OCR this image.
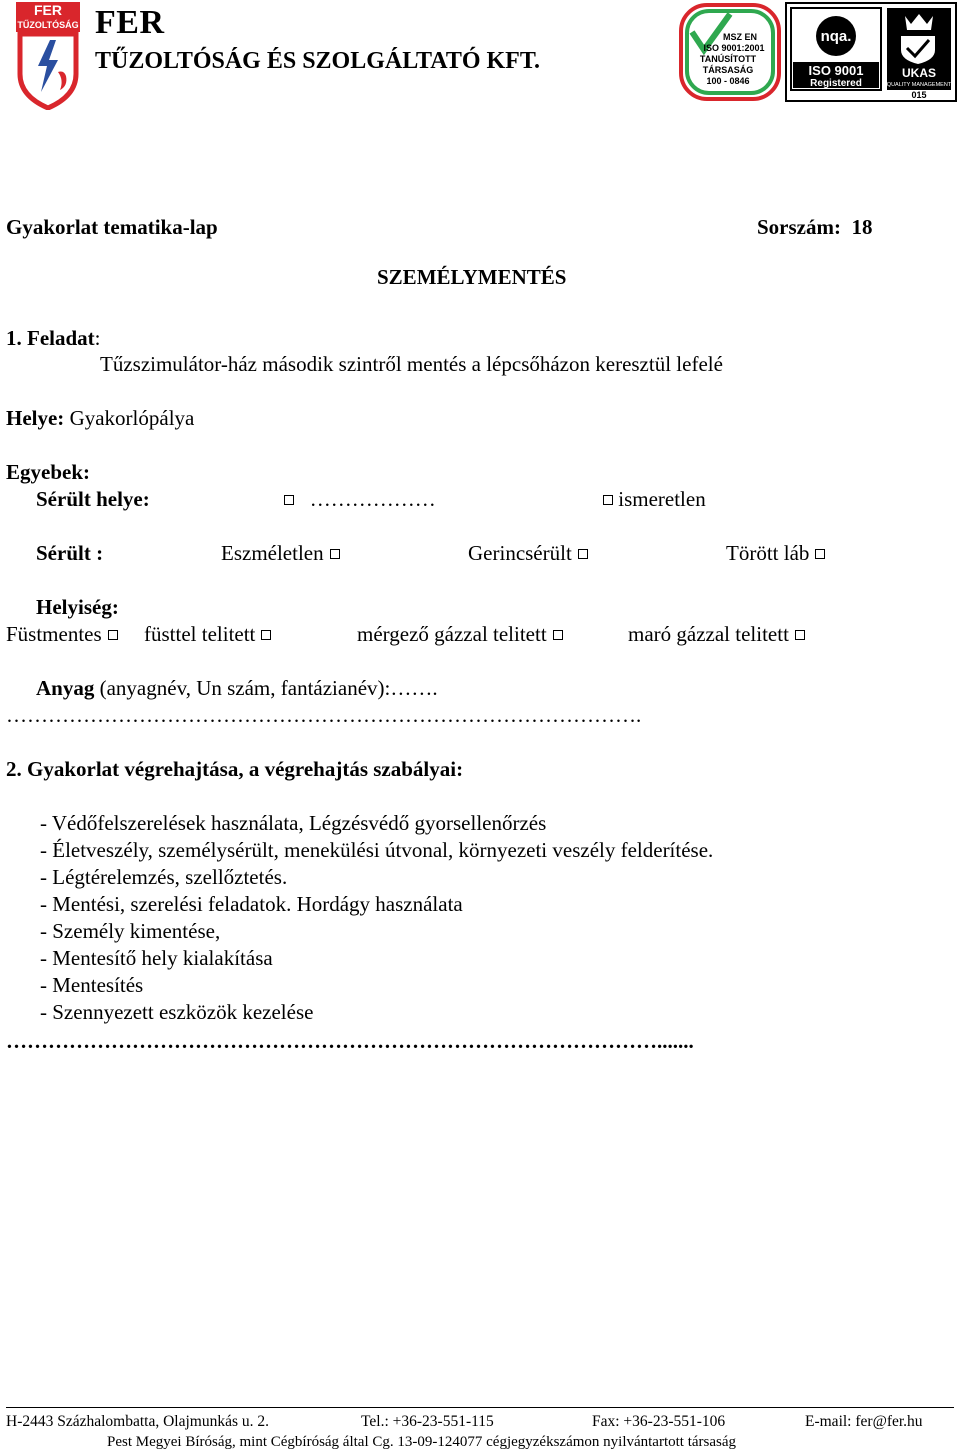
FER
TŰZOLTÓSÁG FER
TŰZOLTÓSÁG ÉS SZOLGÁLTATÓ KFT.
MSZ EN
ISO 9001:2001
TANÚSÍTOTT
TÁRSASÁG
100 - 0846
nqa.
ISO 9001
Registered
UKAS
QUALITY MANAGEMENT
015
Gyakorlat tematika-lap	Sorszám: 18
SZEMÉLYMENTÉS
1. Feladat:
Tűzszimulátor-ház második szintről mentés a lépcsőházon keresztül lefelé
Helye: Gyakorlópálya
Egyebek:
Sérült helye:	………………	ismeretlen
Sérült :	Eszméletlen	Gerincsérült	Törött láb
Helyiség:
Füstmentes	füsttel telitett	mérgező gázzal telitett	maró gázzal telitett
Anyag (anyagnév, Un szám, fantázianév):…….
……………………………………………………………………………….
2. Gyakorlat végrehajtása, a végrehajtás szabályai:
- Védőfelszerelések használata, Légzésvédő gyorsellenőrzés
- Életveszély, személysérült, menekülési útvonal, környezeti veszély felderítése.
- Légtérelemzés, szellőztetés.
- Mentési, szerelési feladatok. Hordágy használata
- Személy kimentése,
- Mentesítő hely kialakítása
- Mentesítés
- Szennyezett eszközök kezelése
………………………………………………………………………………….......
H-2443 Százhalombatta, Olajmunkás u. 2.	Tel.: +36-23-551-115	Fax: +36-23-551-106	E-mail: fer@fer.hu
Pest Megyei Bíróság, mint Cégbíróság által Cg. 13-09-124077 cégjegyzékszámon nyilvántartott társaság
